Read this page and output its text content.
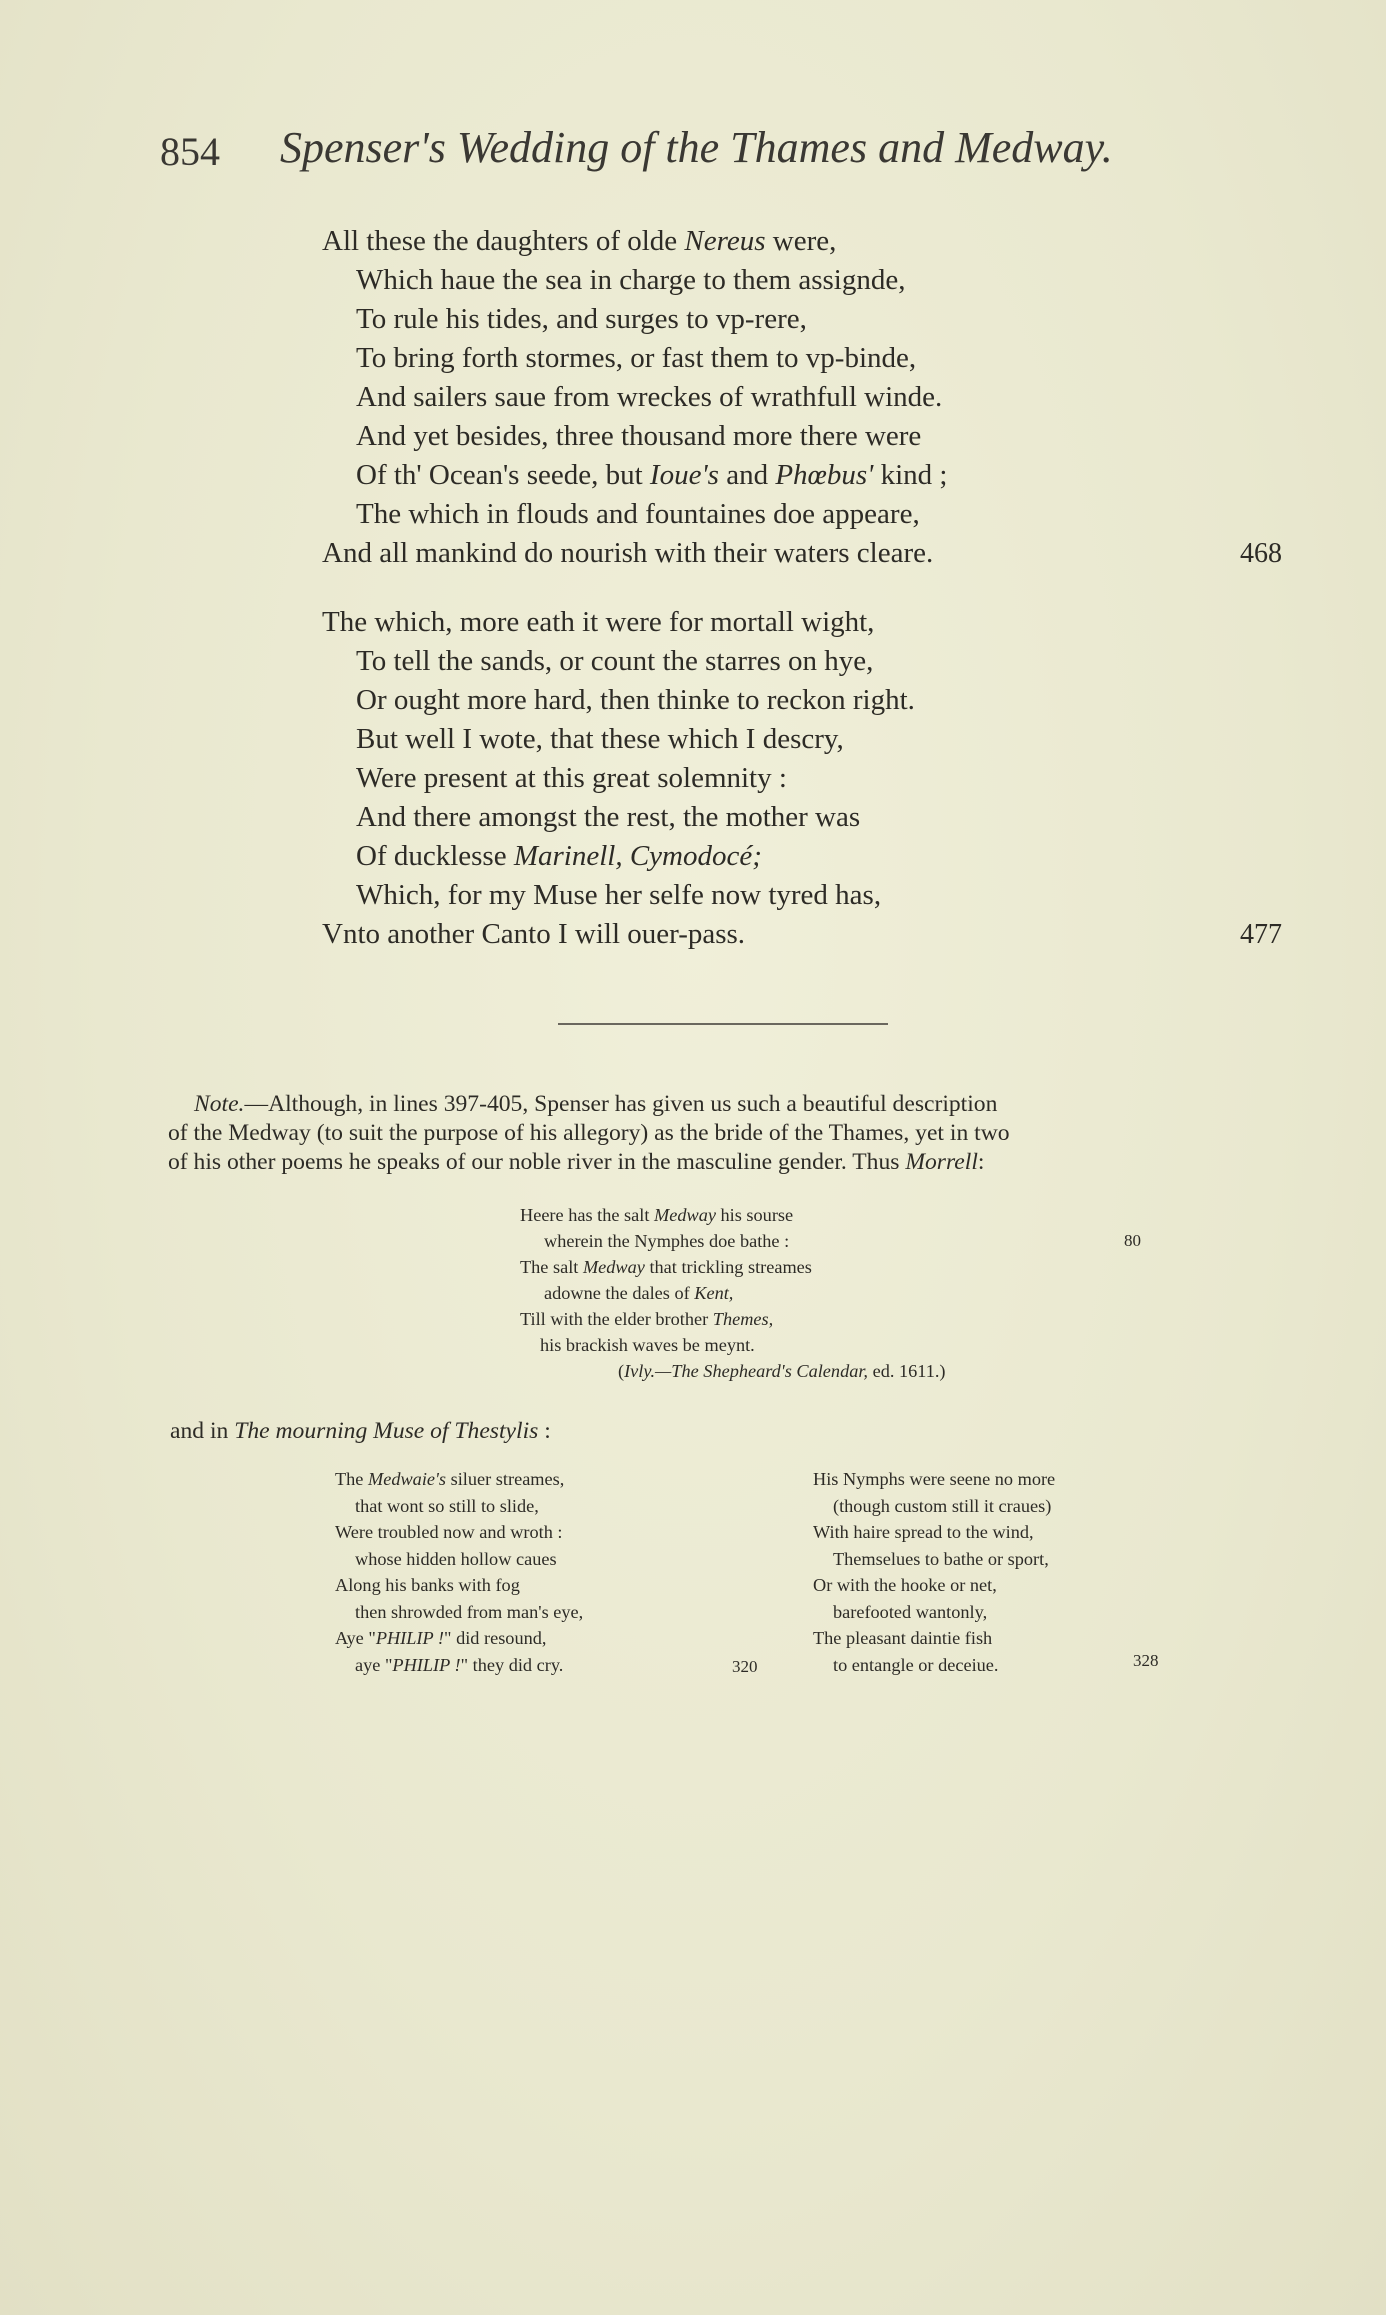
854 Spenser's Wedding of the Thames and Medway.
All these the daughters of olde Nereus were,
Which haue the sea in charge to them assignde,
To rule his tides, and surges to vp-rere,
To bring forth stormes, or fast them to vp-binde,
And sailers saue from wreckes of wrathfull winde.
And yet besides, three thousand more there were
Of th' Ocean's seede, but Ioue's and Phœbus' kind ;
The which in flouds and fountaines doe appeare,
And all mankind do nourish with their waters cleare.	468
The which, more eath it were for mortall wight,
To tell the sands, or count the starres on hye,
Or ought more hard, then thinke to reckon right.
But well I wote, that these which I descry,
Were present at this great solemnity :
And there amongst the rest, the mother was
Of ducklesse Marinell, Cymodocé;
Which, for my Muse her selfe now tyred has,
Vnto another Canto I will ouer-pass.	477
Note.—Although, in lines 397-405, Spenser has given us such a beautiful description
of the Medway (to suit the purpose of his allegory) as the bride of the Thames, yet in two
of his other poems he speaks of our noble river in the masculine gender. Thus Morrell:
Heere has the salt Medway his sourse
wherein the Nymphes doe bathe :	80
The salt Medway that trickling streames
adowne the dales of Kent,
Till with the elder brother Themes,
his brackish waves be meynt.
(Ivly.—The Shepheard's Calendar, ed. 1611.)
and in The mourning Muse of Thestylis :
The Medwaie's siluer streames,
that wont so still to slide,
Were troubled now and wroth :
whose hidden hollow caues
Along his banks with fog
then shrowded from man's eye,
Aye "PHILIP !" did resound,
aye "PHILIP !" they did cry.	320
His Nymphs were seene no more
(though custom still it craues)
With haire spread to the wind,
Themselues to bathe or sport,
Or with the hooke or net,
barefooted wantonly,
The pleasant daintie fish
to entangle or deceiue.	328
